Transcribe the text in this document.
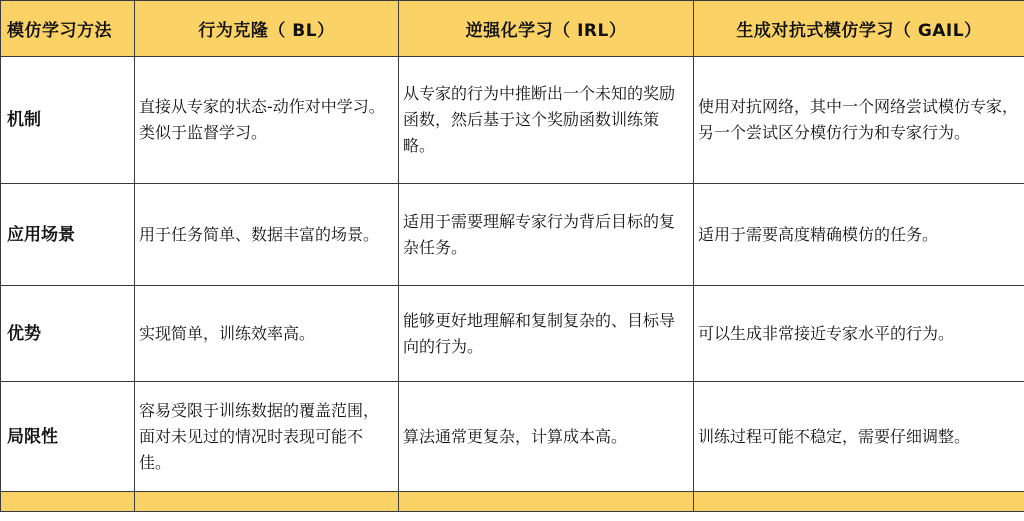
模仿学习方法	行为克隆（ BL）	逆强化学习（ IRL）	生成对抗式模仿学习（ GAIL）
机制	直接从专家的状态-动作对中学习。类似于监督学习。	从专家的行为中推断出一个未知的奖励函数，然后基于这个奖励函数训练策略。	使用对抗网络，其中一个网络尝试模仿专家，另一个尝试区分模仿行为和专家行为。

应用场景	用于任务简单、数据丰富的场景。	适用于需要理解专家行为背后目标的复杂任务。	适用于需要高度精确模仿的任务。

优势	实现简单，训练效率高。	能够更好地理解和复制复杂的、目标导向的行为。	可以生成非常接近专家水平的行为。

局限性	容易受限于训练数据的覆盖范围，面对未见过的情况时表现可能不佳。	算法通常更复杂，计算成本高。	训练过程可能不稳定，需要仔细调整。
